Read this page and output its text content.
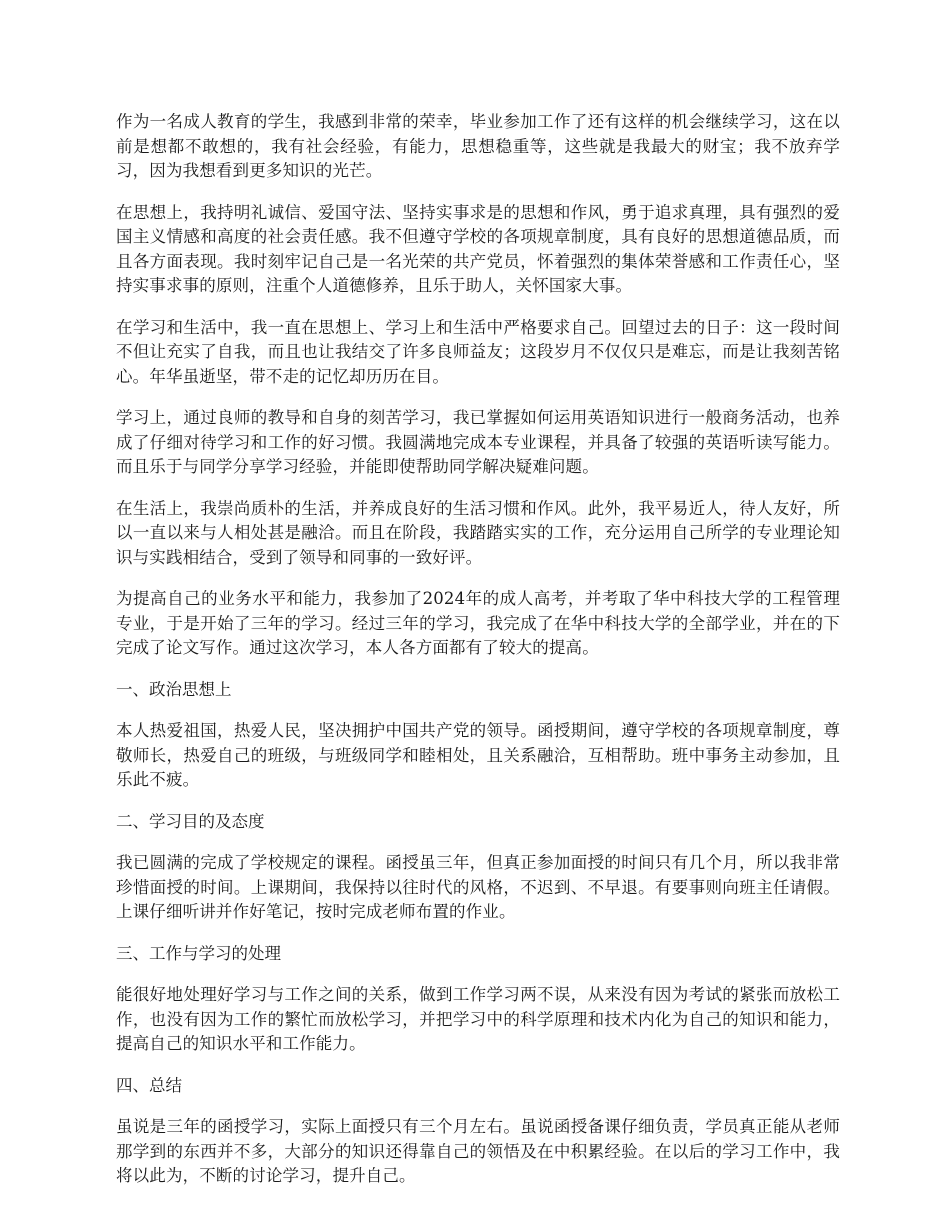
作为一名成人教育的学生，我感到非常的荣幸，毕业参加工作了还有这样的机会继续学习，这在以前是想都不敢想的，我有社会经验，有能力，思想稳重等，这些就是我最大的财宝；我不放弃学习，因为我想看到更多知识的光芒。

在思想上，我持明礼诚信、爱国守法、坚持实事求是的思想和作风，勇于追求真理，具有强烈的爱国主义情感和高度的社会责任感。我不但遵守学校的各项规章制度，具有良好的思想道德品质，而且各方面表现。我时刻牢记自己是一名光荣的共产党员，怀着强烈的集体荣誉感和工作责任心，坚持实事求事的原则，注重个人道德修养，且乐于助人，关怀国家大事。

在学习和生活中，我一直在思想上、学习上和生活中严格要求自己。回望过去的日子：这一段时间不但让充实了自我，而且也让我结交了许多良师益友；这段岁月不仅仅只是难忘，而是让我刻苦铭心。年华虽逝坚，带不走的记忆却历历在目。

学习上，通过良师的教导和自身的刻苦学习，我已掌握如何运用英语知识进行一般商务活动，也养成了仔细对待学习和工作的好习惯。我圆满地完成本专业课程，并具备了较强的英语听读写能力。而且乐于与同学分享学习经验，并能即使帮助同学解决疑难问题。

在生活上，我崇尚质朴的生活，并养成良好的生活习惯和作风。此外，我平易近人，待人友好，所以一直以来与人相处甚是融洽。而且在阶段，我踏踏实实的工作，充分运用自己所学的专业理论知识与实践相结合，受到了领导和同事的一致好评。

为提高自己的业务水平和能力，我参加了2024年的成人高考，并考取了华中科技大学的工程管理专业，于是开始了三年的学习。经过三年的学习，我完成了在华中科技大学的全部学业，并在的下完成了论文写作。通过这次学习，本人各方面都有了较大的提高。

一、政治思想上

本人热爱祖国，热爱人民，坚决拥护中国共产党的领导。函授期间，遵守学校的各项规章制度，尊敬师长，热爱自己的班级，与班级同学和睦相处，且关系融洽，互相帮助。班中事务主动参加，且乐此不疲。

二、学习目的及态度

我已圆满的完成了学校规定的课程。函授虽三年，但真正参加面授的时间只有几个月，所以我非常珍惜面授的时间。上课期间，我保持以往时代的风格，不迟到、不早退。有要事则向班主任请假。上课仔细听讲并作好笔记，按时完成老师布置的作业。

三、工作与学习的处理

能很好地处理好学习与工作之间的关系，做到工作学习两不误，从来没有因为考试的紧张而放松工作，也没有因为工作的繁忙而放松学习，并把学习中的科学原理和技术内化为自己的知识和能力，提高自己的知识水平和工作能力。

四、总结

虽说是三年的函授学习，实际上面授只有三个月左右。虽说函授备课仔细负责，学员真正能从老师那学到的东西并不多，大部分的知识还得靠自己的领悟及在中积累经验。在以后的学习工作中，我将以此为，不断的讨论学习，提升自己。
